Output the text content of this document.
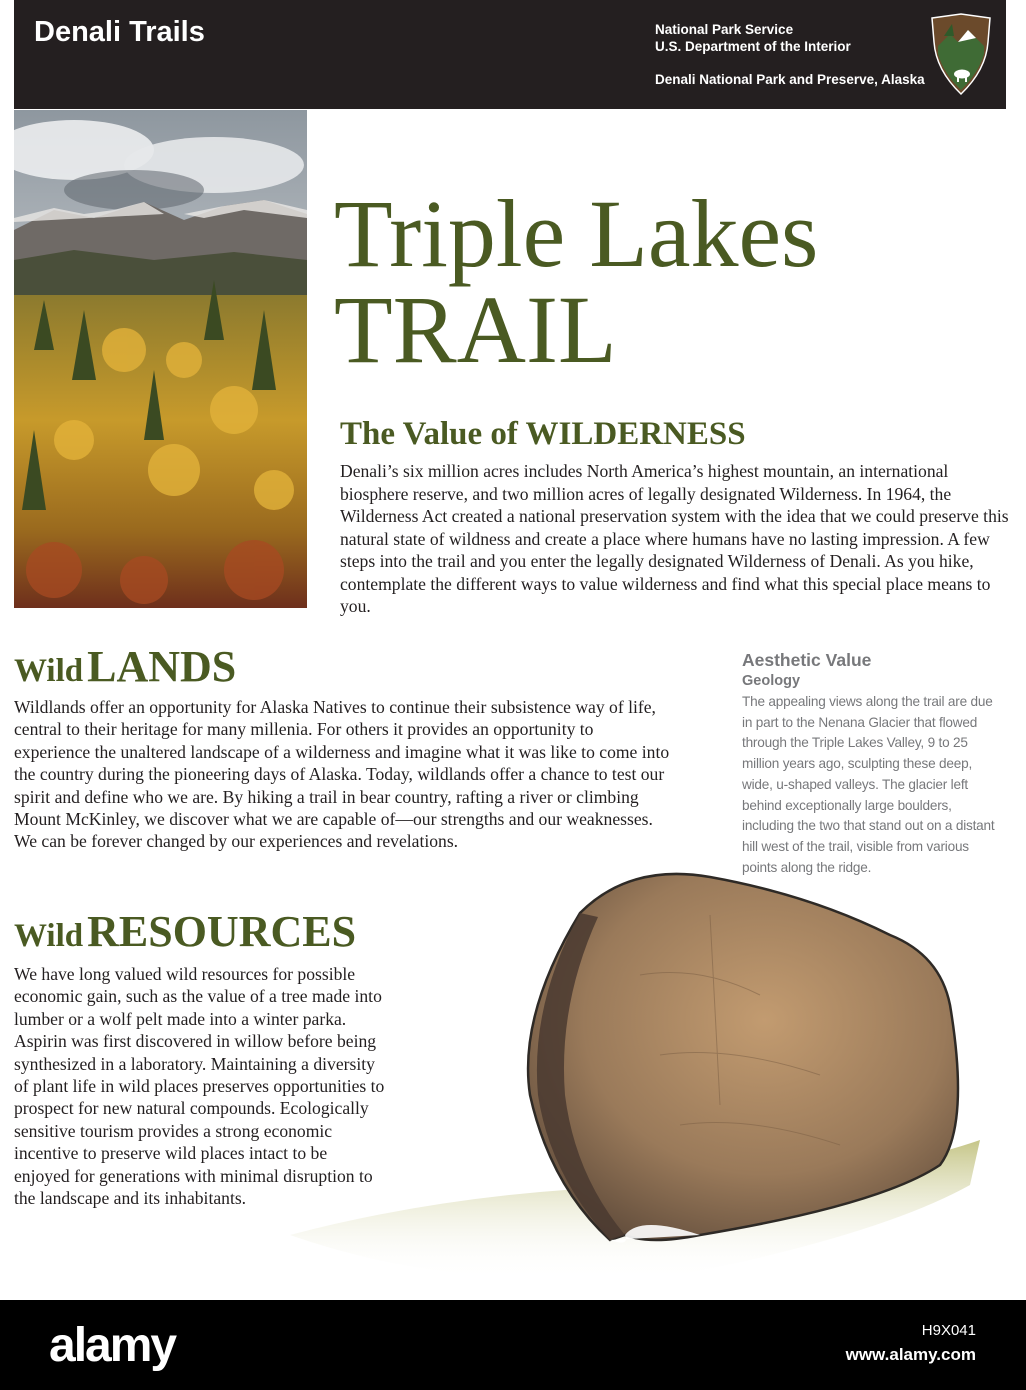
Denali Trails	National Park Service
U.S. Department of the Interior
Denali National Park and Preserve, Alaska
Triple Lakes
TRAIL
The Value of WILDERNESS
Denali’s six million acres includes North America’s highest mountain, an international biosphere reserve, and two million acres of legally designated Wilderness. In 1964, the Wilderness Act created a national preservation system with the idea that we could preserve this natural state of wildness and create a place where humans have no lasting impression. A few steps into the trail and you enter the legally designated Wilderness of Denali. As you hike, contemplate the different ways to value wilderness and find what this special place means to you.
Wild LANDS
Wildlands offer an opportunity for Alaska Natives to continue their subsistence way of life, central to their heritage for many millenia. For others it provides an opportunity to experience the unaltered landscape of a wilderness and imagine what it was like to come into the country during the pioneering days of Alaska. Today, wildlands offer a chance to test our spirit and define who we are. By hiking a trail in bear country, rafting a river or climbing Mount McKinley, we discover what we are capable of—our strengths and our weaknesses. We can be forever changed by our experiences and revelations.
Wild RESOURCES
We have long valued wild resources for possible economic gain, such as the value of a tree made into lumber or a wolf pelt made into a winter parka. Aspirin was first discovered in willow before being synthesized in a laboratory. Maintaining a diversity of plant life in wild places preserves opportunities to prospect for new natural compounds. Ecologically sensitive tourism provides a strong economic incentive to preserve wild places intact to be enjoyed for generations with minimal disruption to the landscape and its inhabitants.
Aesthetic Value
Geology
The appealing views along the trail are due in part to the Nenana Glacier that flowed through the Triple Lakes Valley, 9 to 25 million years ago, sculpting these deep, wide, u-shaped valleys. The glacier left behind exceptionally large boulders, including the two that stand out on a distant hill west of the trail, visible from various points along the ridge.
alamy	H9X041
www.alamy.com
